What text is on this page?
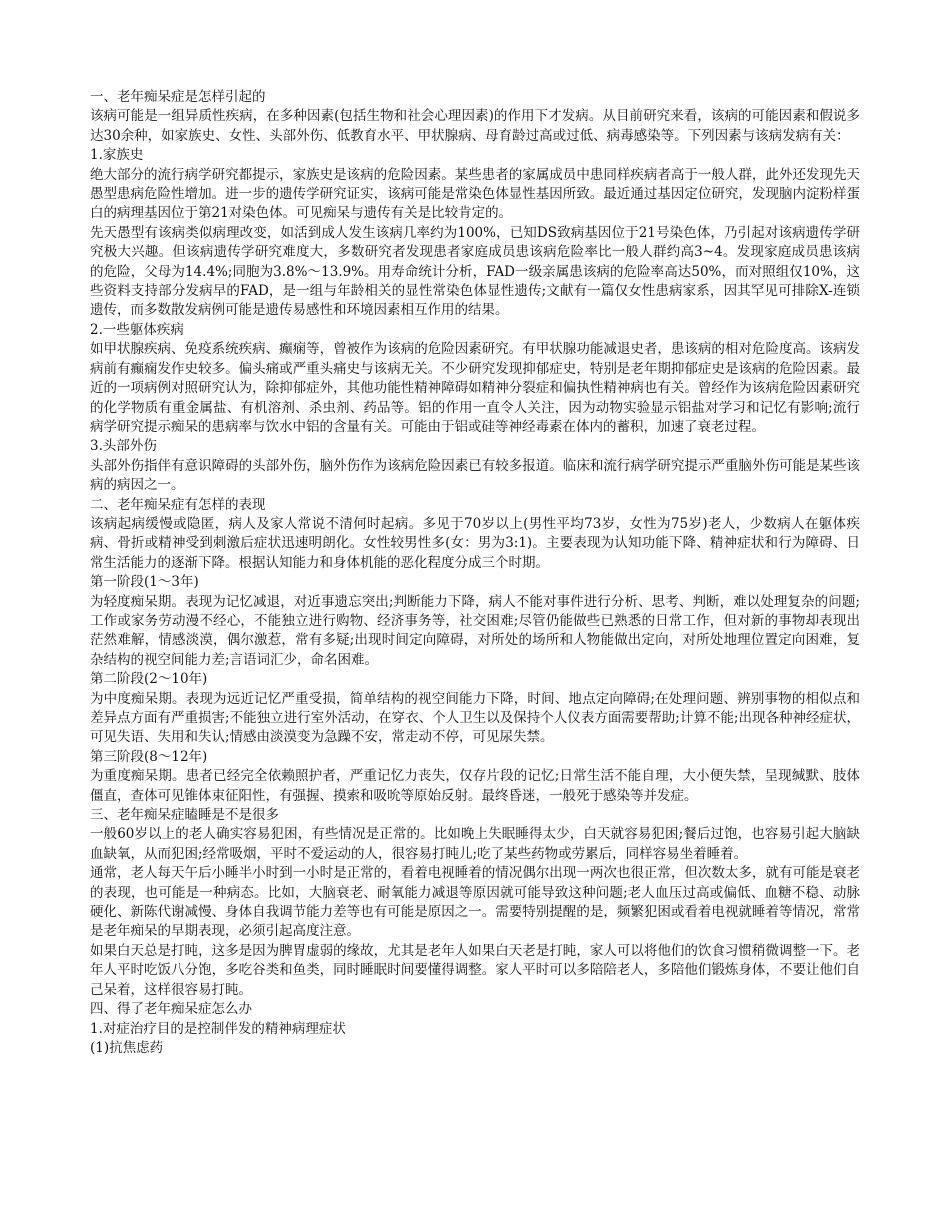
一、老年痴呆症是怎样引起的

该病可能是一组异质性疾病，在多种因素(包括生物和社会心理因素)的作用下才发病。从目前研究来看，该病的可能因素和假说多达30余种，如家族史、女性、头部外伤、低教育水平、甲状腺病、母育龄过高或过低、病毒感染等。下列因素与该病发病有关：

1.家族史

绝大部分的流行病学研究都提示，家族史是该病的危险因素。某些患者的家属成员中患同样疾病者高于一般人群，此外还发现先天愚型患病危险性增加。进一步的遗传学研究证实，该病可能是常染色体显性基因所致。最近通过基因定位研究，发现脑内淀粉样蛋白的病理基因位于第21对染色体。可见痴呆与遗传有关是比较肯定的。

先天愚型有该病类似病理改变，如活到成人发生该病几率约为100%，已知DS致病基因位于21号染色体，乃引起对该病遗传学研究极大兴趣。但该病遗传学研究难度大，多数研究者发现患者家庭成员患该病危险率比一般人群约高3~4。发现家庭成员患该病的危险，父母为14.4%;同胞为3.8%～13.9%。用寿命统计分析，FAD一级亲属患该病的危险率高达50%，而对照组仅10%，这些资料支持部分发病早的FAD，是一组与年龄相关的显性常染色体显性遗传;文献有一篇仅女性患病家系，因其罕见可排除X-连锁遗传，而多数散发病例可能是遗传易感性和环境因素相互作用的结果。

2.一些躯体疾病

如甲状腺疾病、免疫系统疾病、癫痫等，曾被作为该病的危险因素研究。有甲状腺功能减退史者，患该病的相对危险度高。该病发病前有癫痫发作史较多。偏头痛或严重头痛史与该病无关。不少研究发现抑郁症史，特别是老年期抑郁症史是该病的危险因素。最近的一项病例对照研究认为，除抑郁症外，其他功能性精神障碍如精神分裂症和偏执性精神病也有关。曾经作为该病危险因素研究的化学物质有重金属盐、有机溶剂、杀虫剂、药品等。铝的作用一直令人关注，因为动物实验显示铝盐对学习和记忆有影响;流行病学研究提示痴呆的患病率与饮水中铝的含量有关。可能由于铝或硅等神经毒素在体内的蓄积，加速了衰老过程。

3.头部外伤

头部外伤指伴有意识障碍的头部外伤，脑外伤作为该病危险因素已有较多报道。临床和流行病学研究提示严重脑外伤可能是某些该病的病因之一。

二、老年痴呆症有怎样的表现

该病起病缓慢或隐匿，病人及家人常说不清何时起病。多见于70岁以上(男性平均73岁，女性为75岁)老人，少数病人在躯体疾病、骨折或精神受到刺激后症状迅速明朗化。女性较男性多(女：男为3:1)。主要表现为认知功能下降、精神症状和行为障碍、日常生活能力的逐渐下降。根据认知能力和身体机能的恶化程度分成三个时期。

第一阶段(1～3年)

为轻度痴呆期。表现为记忆减退，对近事遗忘突出;判断能力下降，病人不能对事件进行分析、思考、判断，难以处理复杂的问题;工作或家务劳动漫不经心，不能独立进行购物、经济事务等，社交困难;尽管仍能做些已熟悉的日常工作，但对新的事物却表现出茫然难解，情感淡漠，偶尔激惹，常有多疑;出现时间定向障碍，对所处的场所和人物能做出定向，对所处地理位置定向困难，复杂结构的视空间能力差;言语词汇少，命名困难。

第二阶段(2～10年)

为中度痴呆期。表现为远近记忆严重受损，简单结构的视空间能力下降，时间、地点定向障碍;在处理问题、辨别事物的相似点和差异点方面有严重损害;不能独立进行室外活动，在穿衣、个人卫生以及保持个人仪表方面需要帮助;计算不能;出现各种神经症状，可见失语、失用和失认;情感由淡漠变为急躁不安，常走动不停，可见尿失禁。

第三阶段(8～12年)

为重度痴呆期。患者已经完全依赖照护者，严重记忆力丧失，仅存片段的记忆;日常生活不能自理，大小便失禁，呈现缄默、肢体僵直，查体可见锥体束征阳性，有强握、摸索和吸吮等原始反射。最终昏迷，一般死于感染等并发症。

三、老年痴呆症瞌睡是不是很多

一般60岁以上的老人确实容易犯困，有些情况是正常的。比如晚上失眠睡得太少，白天就容易犯困;餐后过饱，也容易引起大脑缺血缺氧，从而犯困;经常吸烟，平时不爱运动的人，很容易打盹儿;吃了某些药物或劳累后，同样容易坐着睡着。

通常，老人每天午后小睡半小时到一小时是正常的，看着电视睡着的情况偶尔出现一两次也很正常，但次数太多，就有可能是衰老的表现，也可能是一种病态。比如，大脑衰老、耐氧能力减退等原因就可能导致这种问题;老人血压过高或偏低、血糖不稳、动脉硬化、新陈代谢减慢、身体自我调节能力差等也有可能是原因之一。需要特别提醒的是，频繁犯困或看着电视就睡着等情况，常常是老年痴呆的早期表现，必须引起高度注意。

如果白天总是打盹，这多是因为脾胃虚弱的缘故，尤其是老年人如果白天老是打盹，家人可以将他们的饮食习惯稍微调整一下。老年人平时吃饭八分饱，多吃谷类和鱼类，同时睡眠时间要懂得调整。家人平时可以多陪陪老人，多陪他们锻炼身体，不要让他们自己呆着，这样很容易打盹。

四、得了老年痴呆症怎么办

1.对症治疗目的是控制伴发的精神病理症状

(1)抗焦虑药
